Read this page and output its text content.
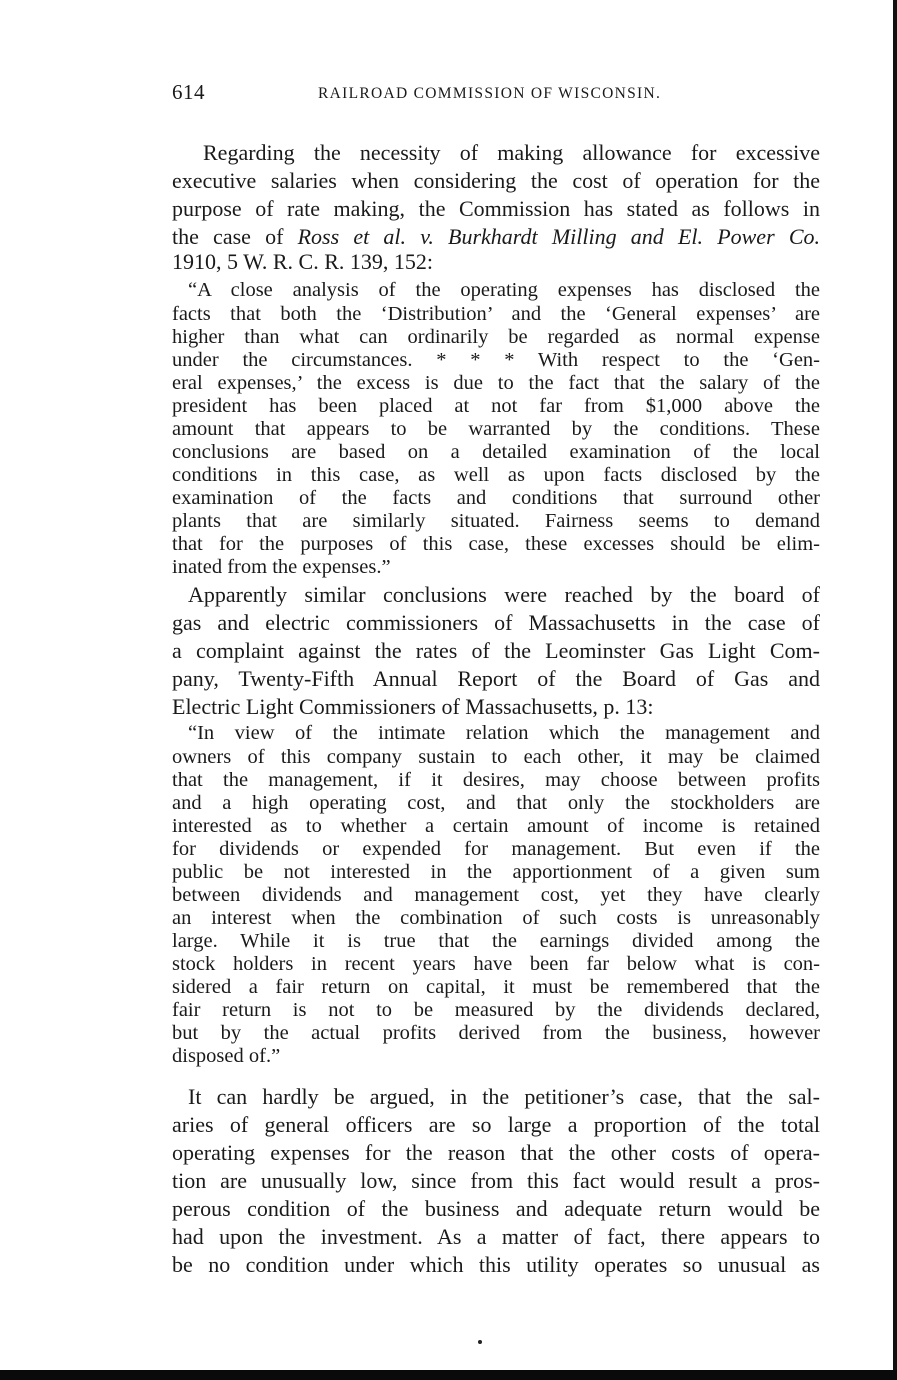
614	RAILROAD COMMISSION OF WISCONSIN.
Regarding the necessity of making allowance for excessive
executive salaries when considering the cost of operation for the
purpose of rate making, the Commission has stated as follows in
the case of Ross et al. v. Burkhardt Milling and El. Power Co.
1910, 5 W. R. C. R. 139, 152:
“A close analysis of the operating expenses has disclosed the
facts that both the ‘Distribution’ and the ‘General expenses’ are
higher than what can ordinarily be regarded as normal expense
under the circumstances. * * * With respect to the ‘Gen-
eral expenses,’ the excess is due to the fact that the salary of the
president has been placed at not far from $1,000 above the
amount that appears to be warranted by the conditions. These
conclusions are based on a detailed examination of the local
conditions in this case, as well as upon facts disclosed by the
examination of the facts and conditions that surround other
plants that are similarly situated. Fairness seems to demand
that for the purposes of this case, these excesses should be elim-
inated from the expenses.”
Apparently similar conclusions were reached by the board of
gas and electric commissioners of Massachusetts in the case of
a complaint against the rates of the Leominster Gas Light Com-
pany, Twenty-Fifth Annual Report of the Board of Gas and
Electric Light Commissioners of Massachusetts, p. 13:
“In view of the intimate relation which the management and
owners of this company sustain to each other, it may be claimed
that the management, if it desires, may choose between profits
and a high operating cost, and that only the stockholders are
interested as to whether a certain amount of income is retained
for dividends or expended for management. But even if the
public be not interested in the apportionment of a given sum
between dividends and management cost, yet they have clearly
an interest when the combination of such costs is unreasonably
large. While it is true that the earnings divided among the
stock holders in recent years have been far below what is con-
sidered a fair return on capital, it must be remembered that the
fair return is not to be measured by the dividends declared,
but by the actual profits derived from the business, however
disposed of.”
It can hardly be argued, in the petitioner’s case, that the sal-
aries of general officers are so large a proportion of the total
operating expenses for the reason that the other costs of opera-
tion are unusually low, since from this fact would result a pros-
perous condition of the business and adequate return would be
had upon the investment. As a matter of fact, there appears to
be no condition under which this utility operates so unusual as
